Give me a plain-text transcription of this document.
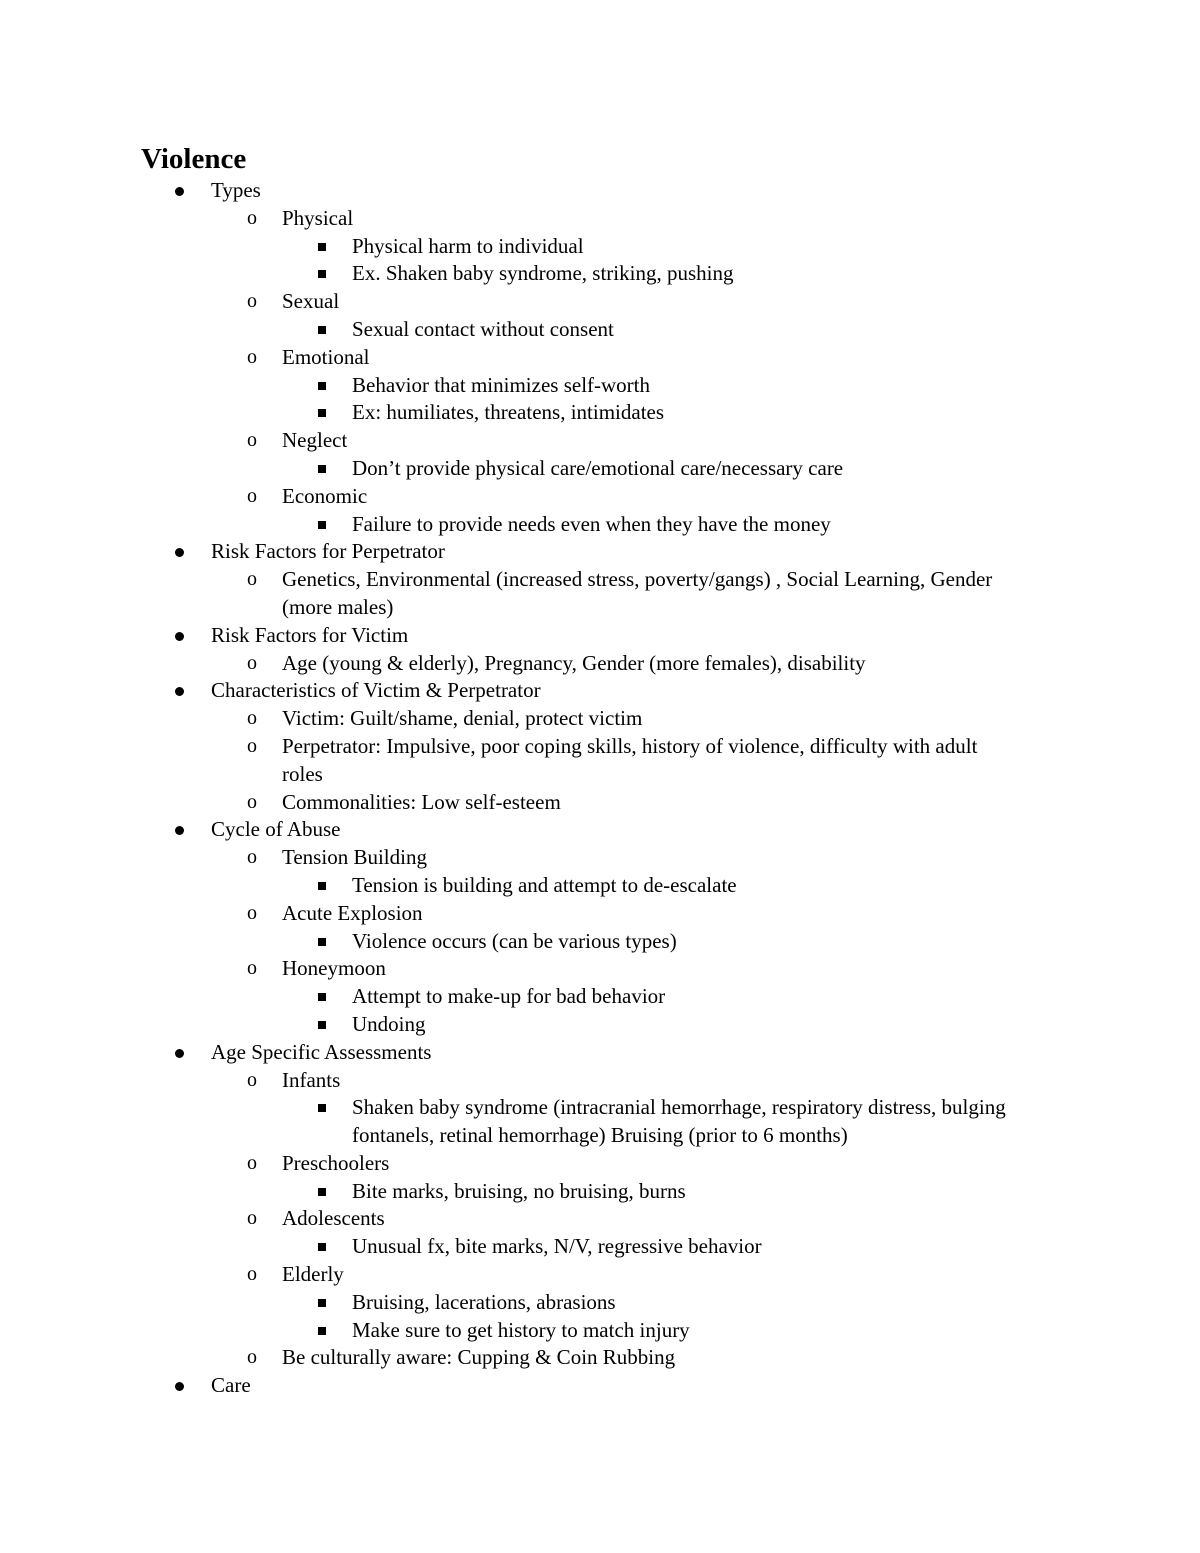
Violence
Types
o Physical
Physical harm to individual
Ex. Shaken baby syndrome, striking, pushing
o Sexual
Sexual contact without consent
o Emotional
Behavior that minimizes self-worth
Ex: humiliates, threatens, intimidates
o Neglect
Don’t provide physical care/emotional care/necessary care
o Economic
Failure to provide needs even when they have the money
Risk Factors for Perpetrator
o Genetics, Environmental (increased stress, poverty/gangs) , Social Learning, Gender (more males)
Risk Factors for Victim
o Age (young & elderly), Pregnancy, Gender (more females), disability
Characteristics of Victim & Perpetrator
o Victim: Guilt/shame, denial, protect victim
o Perpetrator: Impulsive, poor coping skills, history of violence, difficulty with adult roles
o Commonalities: Low self-esteem
Cycle of Abuse
o Tension Building
Tension is building and attempt to de-escalate
o Acute Explosion
Violence occurs (can be various types)
o Honeymoon
Attempt to make-up for bad behavior
Undoing
Age Specific Assessments
o Infants
Shaken baby syndrome (intracranial hemorrhage, respiratory distress, bulging fontanels, retinal hemorrhage) Bruising (prior to 6 months)
o Preschoolers
Bite marks, bruising, no bruising, burns
o Adolescents
Unusual fx, bite marks, N/V, regressive behavior
o Elderly
Bruising, lacerations, abrasions
Make sure to get history to match injury
o Be culturally aware: Cupping & Coin Rubbing
Care
